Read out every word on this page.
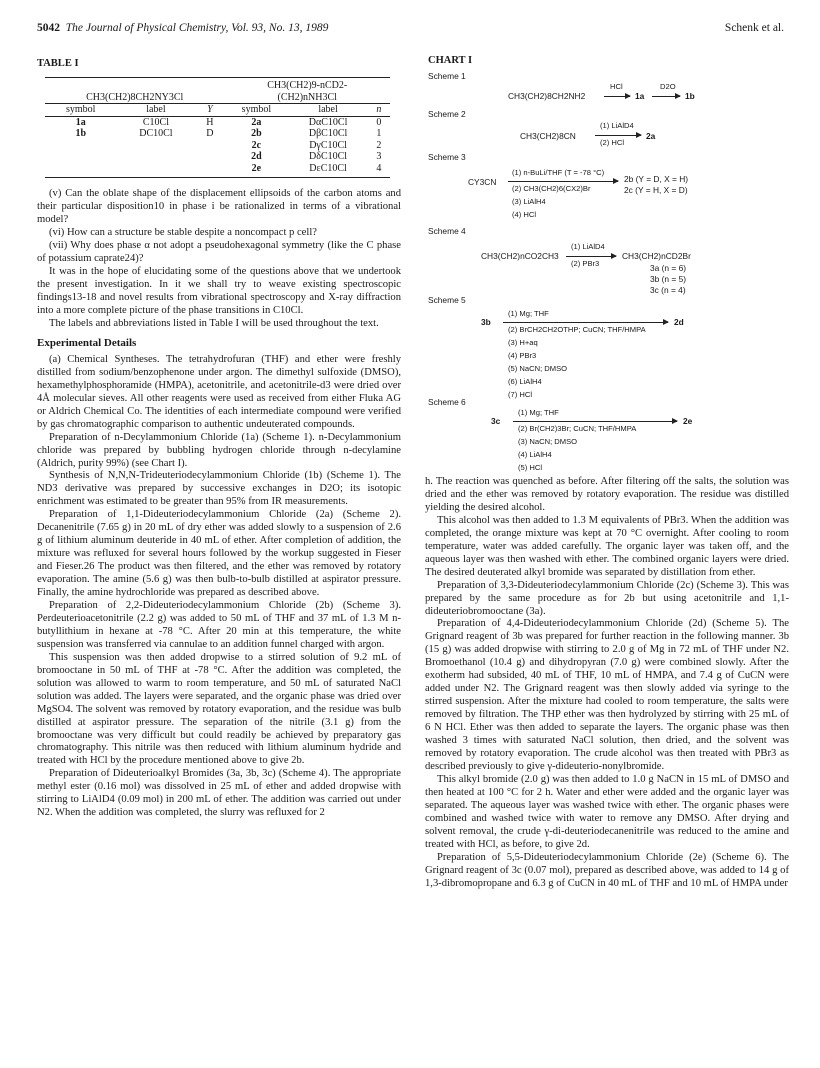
5042 The Journal of Physical Chemistry, Vol. 93, No. 13, 1989	Schenk et al.
TABLE I
CH3(CH2)8CH2NY3Cl			CH3(CH2)9-nCD2-
(CH2)nNH3Cl		

symbol	label	Y	symbol	label	n
1a	C10Cl	H	2a	DαC10Cl	0
1b	DC10Cl	D	2b	DβC10Cl	1
			2c	DγC10Cl	2
			2d	DδC10Cl	3
			2e	DεC10Cl	4

(v) Can the oblate shape of the displacement ellipsoids of the carbon atoms and their particular disposition10 in phase i be rationalized in terms of a vibrational model?

(vi) How can a structure be stable despite a noncompact p cell?

(vii) Why does phase α not adopt a pseudohexagonal symmetry (like the C phase of potassium caprate24)?

It was in the hope of elucidating some of the questions above that we undertook the present investigation. In it we shall try to weave existing spectroscopic findings13-18 and novel results from vibrational spectroscopy and X-ray diffraction into a more complete picture of the phase transitions in C10Cl.

The labels and abbreviations listed in Table I will be used throughout the text.

Experimental Details

(a) Chemical Syntheses. The tetrahydrofuran (THF) and ether were freshly distilled from sodium/benzophenone under argon. The dimethyl sulfoxide (DMSO), hexamethylphosphoramide (HMPA), acetonitrile, and acetonitrile-d3 were dried over 4Å molecular sieves. All other reagents were used as received from either Fluka AG or Aldrich Chemical Co. The identities of each intermediate compound were verified by gas chromatographic comparison to authentic undeuterated compounds.

Preparation of n-Decylammonium Chloride (1a) (Scheme 1). n-Decylammonium chloride was prepared by bubbling hydrogen chloride through n-decylamine (Aldrich, purity 99%) (see Chart I).

Synthesis of N,N,N-Trideuteriodecylammonium Chloride (1b) (Scheme 1). The ND3 derivative was prepared by successive exchanges in D2O; its isotopic enrichment was estimated to be greater than 95% from IR measurements.

Preparation of 1,1-Dideuteriodecylammonium Chloride (2a) (Scheme 2). Decanenitrile (7.65 g) in 20 mL of dry ether was added slowly to a suspension of 2.6 g of lithium aluminum deuteride in 40 mL of ether. After completion of addition, the mixture was refluxed for several hours followed by the workup suggested in Fieser and Fieser.26 The product was then filtered, and the ether was removed by rotatory evaporation. The amine (5.6 g) was then bulb-to-bulb distilled at aspirator pressure. Finally, the amine hydrochloride was prepared as described above.

Preparation of 2,2-Dideuteriodecylammonium Chloride (2b) (Scheme 3). Perdeuterioacetonitrile (2.2 g) was added to 50 mL of THF and 37 mL of 1.3 M n-butyllithium in hexane at -78 °C. After 20 min at this temperature, the white suspension was transferred via cannulae to an addition funnel charged with argon.

This suspension was then added dropwise to a stirred solution of 9.2 mL of bromooctane in 50 mL of THF at -78 °C. After the addition was completed, the solution was allowed to warm to room temperature, and 50 mL of saturated NaCl solution was added. The layers were separated, and the organic phase was dried over MgSO4. The solvent was removed by rotatory evaporation, and the residue was bulb distilled at aspirator pressure. The separation of the nitrile (3.1 g) from the bromooctane was very difficult but could readily be achieved by preparatory gas chromatography. This nitrile was then reduced with lithium aluminum hydride and treated with HCl by the procedure mentioned above to give 2b.

Preparation of Dideuterioalkyl Bromides (3a, 3b, 3c) (Scheme 4). The appropriate methyl ester (0.16 mol) was dissolved in 25 mL of ether and added dropwise with stirring to LiAlD4 (0.09 mol) in 200 mL of ether. The addition was carried out under N2. When the addition was completed, the slurry was refluxed for 2

CHART I
Scheme 1
CH3(CH2)8CH2NH2
HCl
1a
D2O
1b
Scheme 2
CH3(CH2)8CN
(1) LiAlD4
(2) HCl
2a
Scheme 3
CY3CN
(1) n-BuLi/THF (T = -78 °C)
(2) CH3(CH2)6(CX2)Br
(3) LiAlH4
(4) HCl
2b (Y = D, X = H)
2c (Y = H, X = D)
Scheme 4
CH3(CH2)nCO2CH3
(1) LiAlD4
(2) PBr3
CH3(CH2)nCD2Br
3a (n = 6)
3b (n = 5)
3c (n = 4)
Scheme 5
3b
(1) Mg; THF
2d
(2) BrCH2CH2OTHP; CuCN; THF/HMPA
(3) H+aq
(4) PBr3
(5) NaCN; DMSO
(6) LiAlH4
(7) HCl
Scheme 6
3c
(1) Mg; THF
2e
(2) Br(CH2)3Br; CuCN; THF/HMPA
(3) NaCN; DMSO
(4) LiAlH4
(5) HCl

h. The reaction was quenched as before. After filtering off the salts, the solution was dried and the ether was removed by rotatory evaporation. The residue was distilled yielding the desired alcohol.

This alcohol was then added to 1.3 M equivalents of PBr3. When the addition was completed, the orange mixture was kept at 70 °C overnight. After cooling to room temperature, water was added carefully. The organic layer was taken off, and the aqueous layer was then washed with ether. The combined organic layers were dried. The desired deuterated alkyl bromide was separated by distillation from ether.

Preparation of 3,3-Dideuteriodecylammonium Chloride (2c) (Scheme 3). This was prepared by the same procedure as for 2b but using acetonitrile and 1,1-dideuteriobromooctane (3a).

Preparation of 4,4-Dideuteriodecylammonium Chloride (2d) (Scheme 5). The Grignard reagent of 3b was prepared for further reaction in the following manner. 3b (15 g) was added dropwise with stirring to 2.0 g of Mg in 72 mL of THF under N2. Bromoethanol (10.4 g) and dihydropyran (7.0 g) were combined slowly. After the exotherm had subsided, 40 mL of THF, 10 mL of HMPA, and 7.4 g of CuCN were added under N2. The Grignard reagent was then slowly added via syringe to the stirred suspension. After the mixture had cooled to room temperature, the salts were removed by filtration. The THP ether was then hydrolyzed by stirring with 25 mL of 6 N HCl. Ether was then added to separate the layers. The organic phase was then washed 3 times with saturated NaCl solution, then dried, and the solvent was removed by rotatory evaporation. The crude alcohol was then treated with PBr3 as described previously to give γ-dideuterio-nonylbromide.

This alkyl bromide (2.0 g) was then added to 1.0 g NaCN in 15 mL of DMSO and then heated at 100 °C for 2 h. Water and ether were added and the organic layer was separated. The aqueous layer was washed twice with ether. The organic phases were combined and washed twice with water to remove any DMSO. After drying and solvent removal, the crude γ-di-deuteriodecanenitrile was reduced to the amine and treated with HCl, as before, to give 2d.

Preparation of 5,5-Dideuteriodecylammonium Chloride (2e) (Scheme 6). The Grignard reagent of 3c (0.07 mol), prepared as described above, was added to 14 g of 1,3-dibromopropane and 6.3 g of CuCN in 40 mL of THF and 10 mL of HMPA under
